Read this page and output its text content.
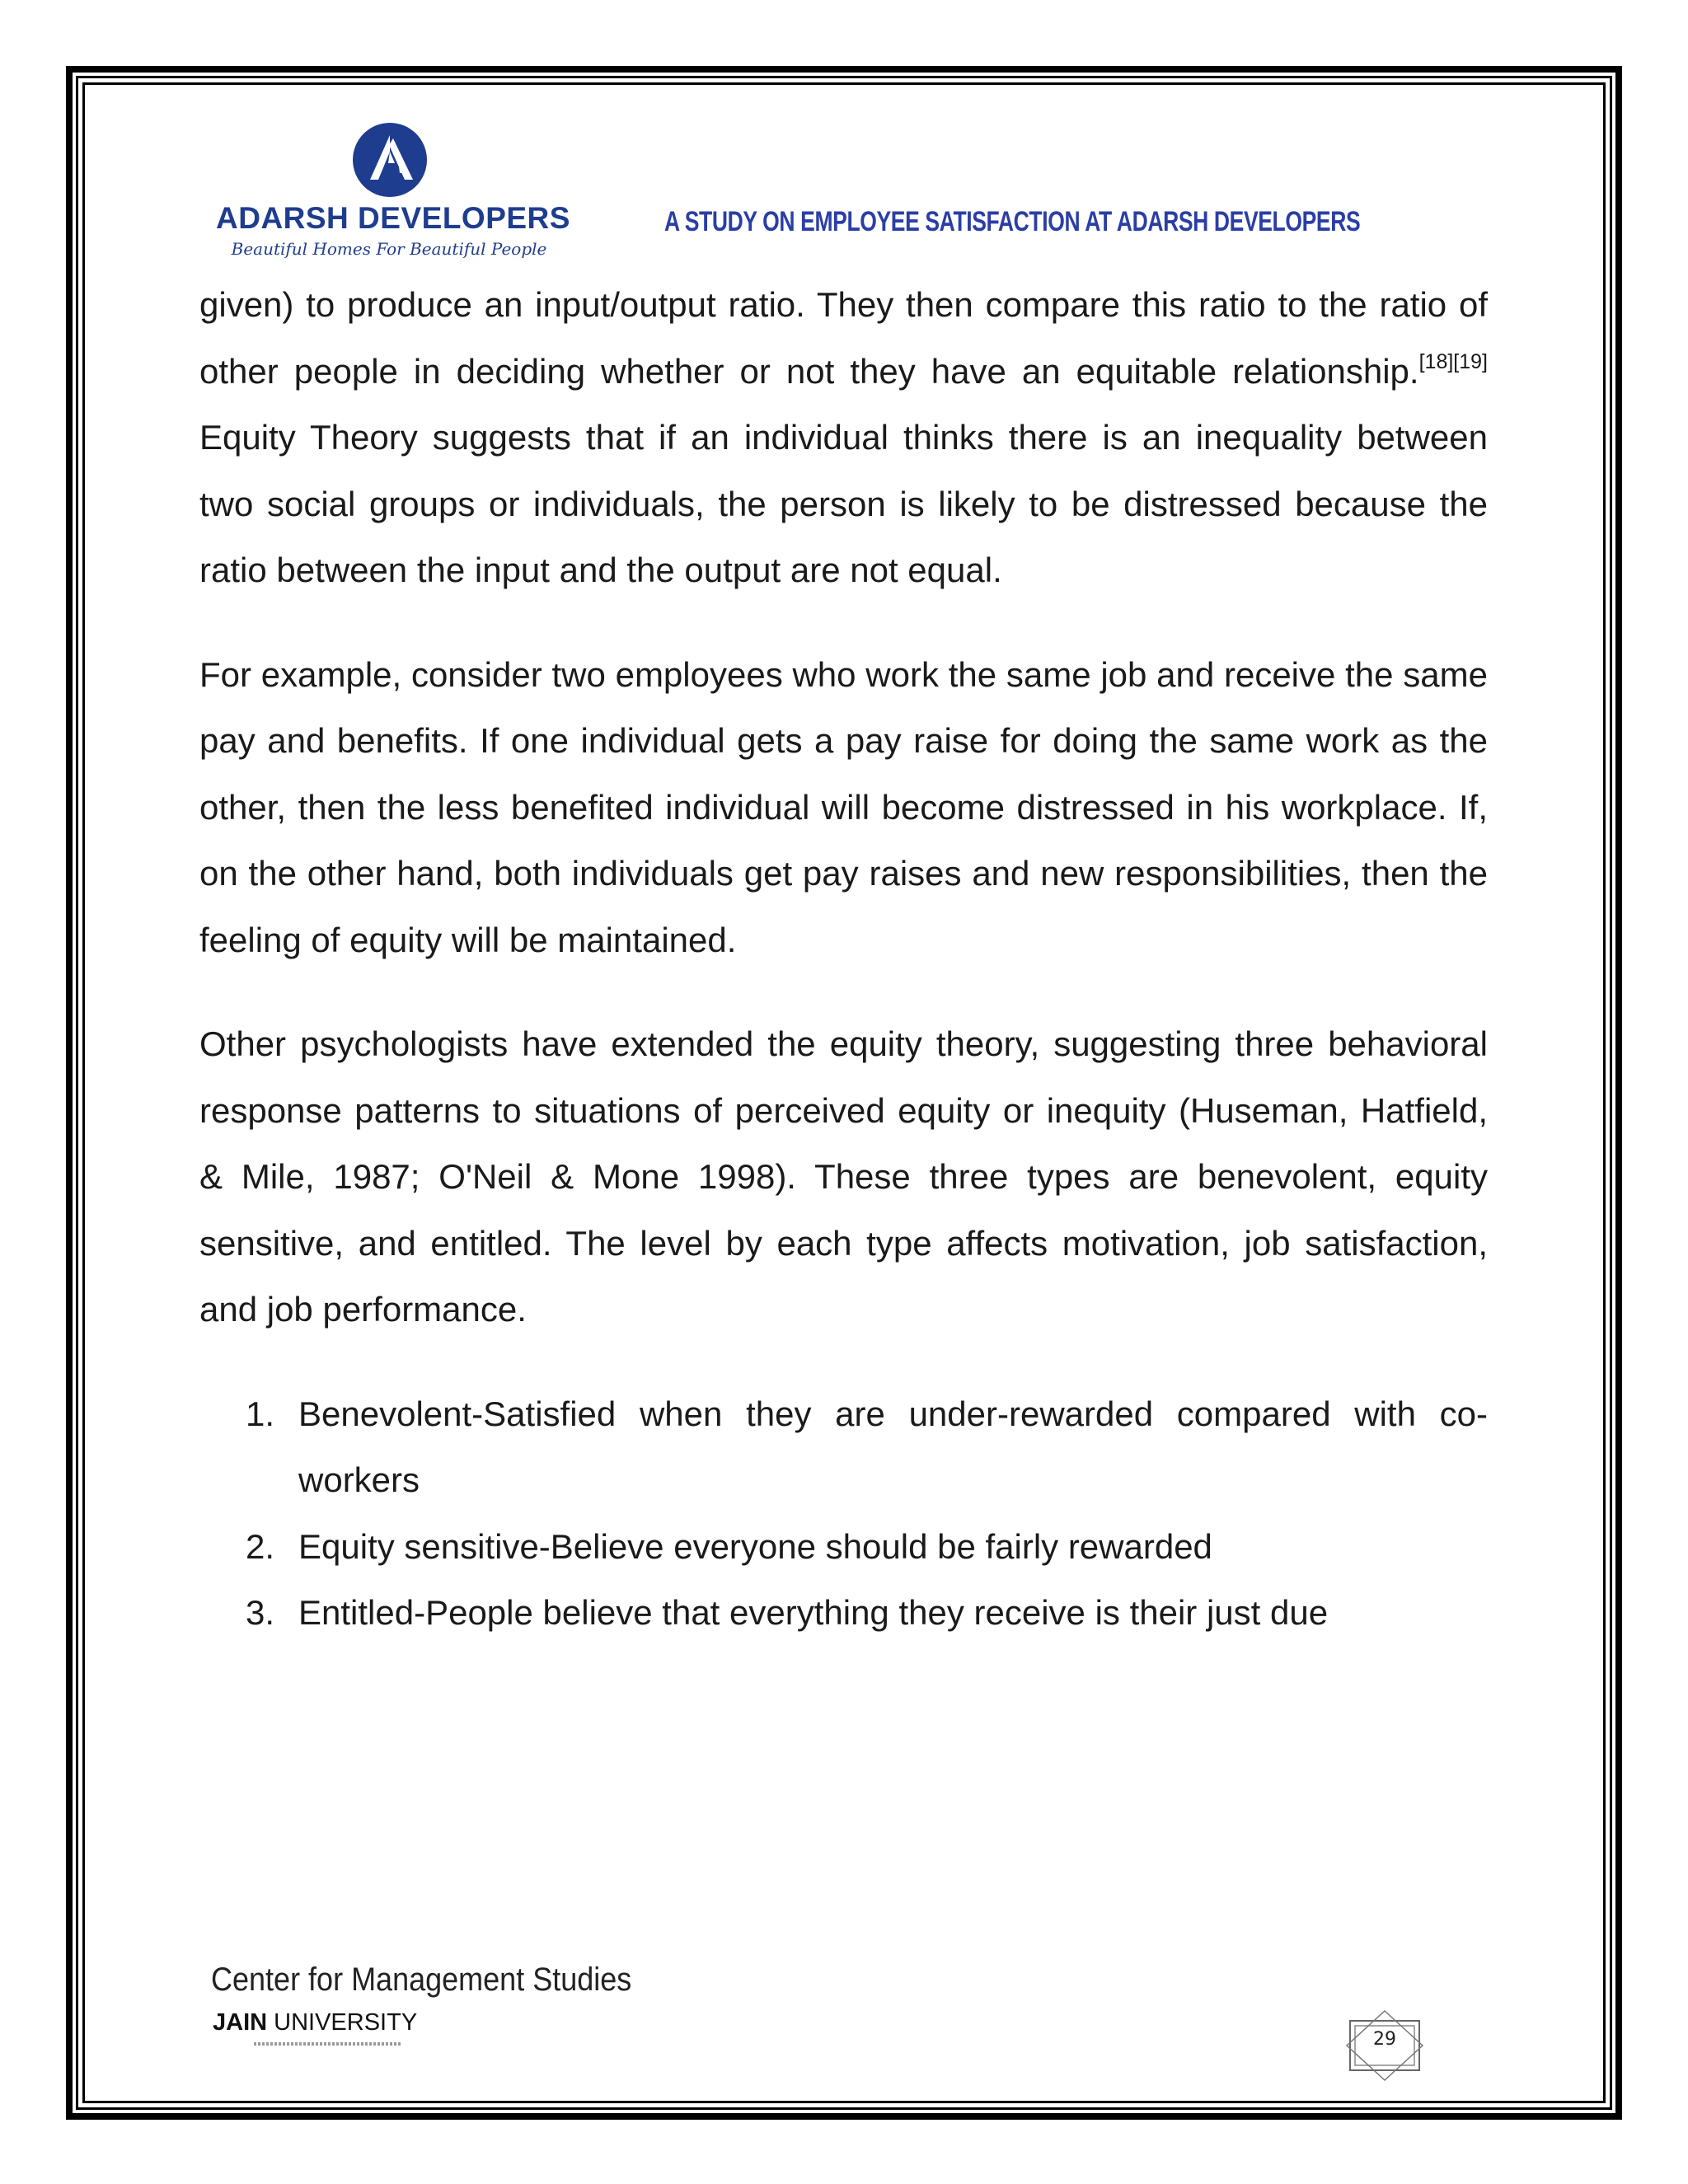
ADARSH DEVELOPERS
Beautiful Homes For Beautiful People
A STUDY ON EMPLOYEE SATISFACTION AT ADARSH DEVELOPERS

given) to produce an input/output ratio. They then compare this ratio to the ratio of other people in deciding whether or not they have an equitable relationship.[18][19] Equity Theory suggests that if an individual thinks there is an inequality between two social groups or individuals, the person is likely to be distressed because the ratio between the input and the output are not equal.

For example, consider two employees who work the same job and receive the same pay and benefits. If one individual gets a pay raise for doing the same work as the other, then the less benefited individual will become distressed in his workplace. If, on the other hand, both individuals get pay raises and new responsibilities, then the feeling of equity will be maintained.

Other psychologists have extended the equity theory, suggesting three behavioral response patterns to situations of perceived equity or inequity (Huseman, Hatfield, & Mile, 1987; O'Neil & Mone 1998). These three types are benevolent, equity sensitive, and entitled. The level by each type affects motivation, job satisfaction, and job performance.

1. Benevolent-Satisfied when they are under-rewarded compared with co-workers
2. Equity sensitive-Believe everyone should be fairly rewarded
3. Entitled-People believe that everything they receive is their just due
Center for Management Studies
JAIN UNIVERSITY
29
